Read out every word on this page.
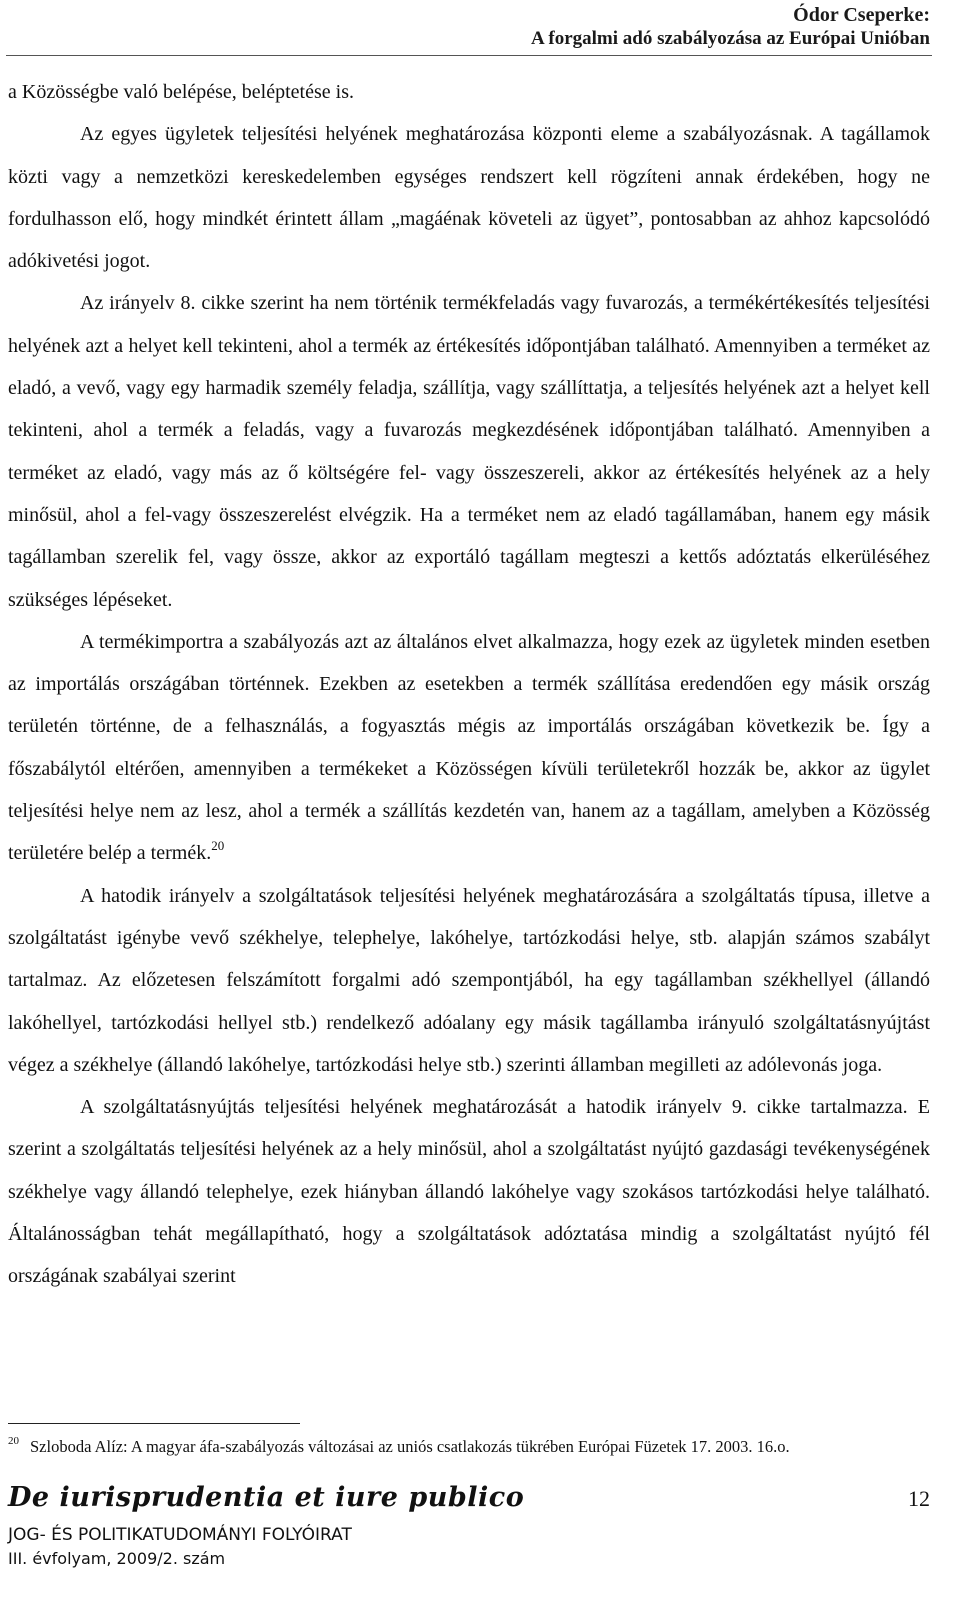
Ódor Cseperke:
A forgalmi adó szabályozása az Európai Unióban

a Közösségbe való belépése, beléptetése is.

Az egyes ügyletek teljesítési helyének meghatározása központi eleme a szabályozásnak. A tagállamok közti vagy a nemzetközi kereskedelemben egységes rendszert kell rögzíteni annak érdekében, hogy ne fordulhasson elő, hogy mindkét érintett állam „magáénak követeli az ügyet”, pontosabban az ahhoz kapcsolódó adókivetési jogot.

Az irányelv 8. cikke szerint ha nem történik termékfeladás vagy fuvarozás, a termékértékesítés teljesítési helyének azt a helyet kell tekinteni, ahol a termék az értékesítés időpontjában található. Amennyiben a terméket az eladó, a vevő, vagy egy harmadik személy feladja, szállítja, vagy szállíttatja, a teljesítés helyének azt a helyet kell tekinteni, ahol a termék a feladás, vagy a fuvarozás megkezdésének időpontjában található. Amennyiben a terméket az eladó, vagy más az ő költségére fel- vagy összeszereli, akkor az értékesítés helyének az a hely minősül, ahol a fel-vagy összeszerelést elvégzik. Ha a terméket nem az eladó tagállamában, hanem egy másik tagállamban szerelik fel, vagy össze, akkor az exportáló tagállam megteszi a kettős adóztatás elkerüléséhez szükséges lépéseket.

A termékimportra a szabályozás azt az általános elvet alkalmazza, hogy ezek az ügyletek minden esetben az importálás országában történnek. Ezekben az esetekben a termék szállítása eredendően egy másik ország területén történne, de a felhasználás, a fogyasztás mégis az importálás országában következik be. Így a főszabálytól eltérően, amennyiben a termékeket a Közösségen kívüli területekről hozzák be, akkor az ügylet teljesítési helye nem az lesz, ahol a termék a szállítás kezdetén van, hanem az a tagállam, amelyben a Közösség területére belép a termék.$^{20}$

A hatodik irányelv a szolgáltatások teljesítési helyének meghatározására a szolgáltatás típusa, illetve a szolgáltatást igénybe vevő székhelye, telephelye, lakóhelye, tartózkodási helye, stb. alapján számos szabályt tartalmaz. Az előzetesen felszámított forgalmi adó szempontjából, ha egy tagállamban székhellyel (állandó lakóhellyel, tartózkodási hellyel stb.) rendelkező adóalany egy másik tagállamba irányuló szolgáltatásnyújtást végez a székhelye (állandó lakóhelye, tartózkodási helye stb.) szerinti államban megilleti az adólevonás joga.

A szolgáltatásnyújtás teljesítési helyének meghatározását a hatodik irányelv 9. cikke tartalmazza. E szerint a szolgáltatás teljesítési helyének az a hely minősül, ahol a szolgáltatást nyújtó gazdasági tevékenységének székhelye vagy állandó telephelye, ezek hiányban állandó lakóhelye vagy szokásos tartózkodási helye található. Általánosságban tehát megállapítható, hogy a szolgáltatások adóztatása mindig a szolgáltatást nyújtó fél országának szabályai szerint

20 Szloboda Alíz: A magyar áfa-szabályozás változásai az uniós csatlakozás tükrében Európai Füzetek 17. 2003. 16.o.
De iurisprudentia et iure publico
JOG- ÉS POLITIKATUDOMÁNYI FOLYÓIRAT
III. évfolyam, 2009/2. szám
12
